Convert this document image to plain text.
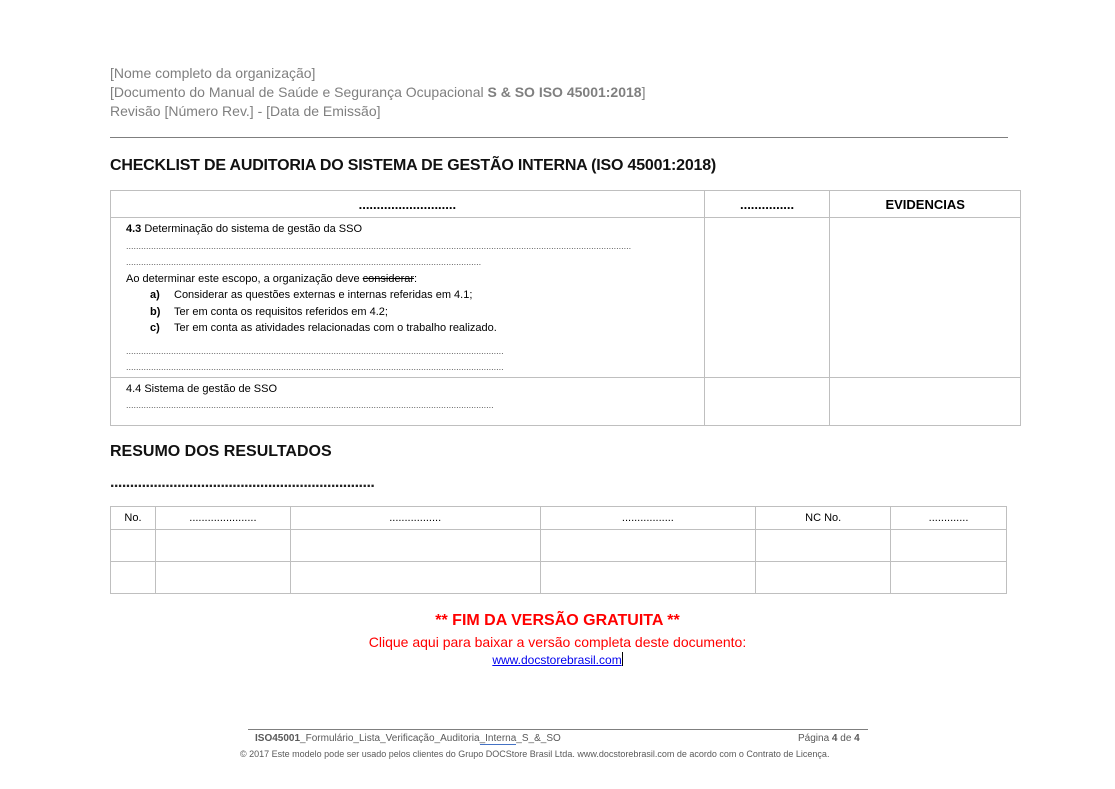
[Nome completo da organização]
[Documento do Manual de Saúde e Segurança Ocupacional S & SO ISO 45001:2018]
Revisão [Número Rev.] - [Data de Emissão]
CHECKLIST DE AUDITORIA DO SISTEMA DE GESTÃO INTERNA (ISO 45001:2018)
...........................	...............	EVIDENCIAS

4.3 Determinação do sistema de gestão da SSO
..........................................................................................................................................................................................................
..............................................................................................................................................
Ao determinar este escopo, a organização deve considerar:
a)	Considerar as questões externas e internas referidas em 4.1;
b)	Ter em conta os requisitos referidos em 4.2;
c)	Ter em conta as atividades relacionadas com o trabalho realizado.
.......................................................................................................................................................
.......................................................................................................................................................

4.4 Sistema de gestão de SSO
...................................................................................................................................................		

RESUMO DOS RESULTADOS
...................................................................
No.	......................	.................	.................	NC No.	.............

** FIM DA VERSÃO GRATUITA **
Clique aqui para baixar a versão completa deste documento:
www.docstorebrasil.com
ISO45001_Formulário_Lista_Verificação_Auditoria_Interna_S_&_SO	Página 4 de 4
© 2017 Este modelo pode ser usado pelos clientes do Grupo DOCStore Brasil Ltda. www.docstorebrasil.com de acordo com o Contrato de Licença.
